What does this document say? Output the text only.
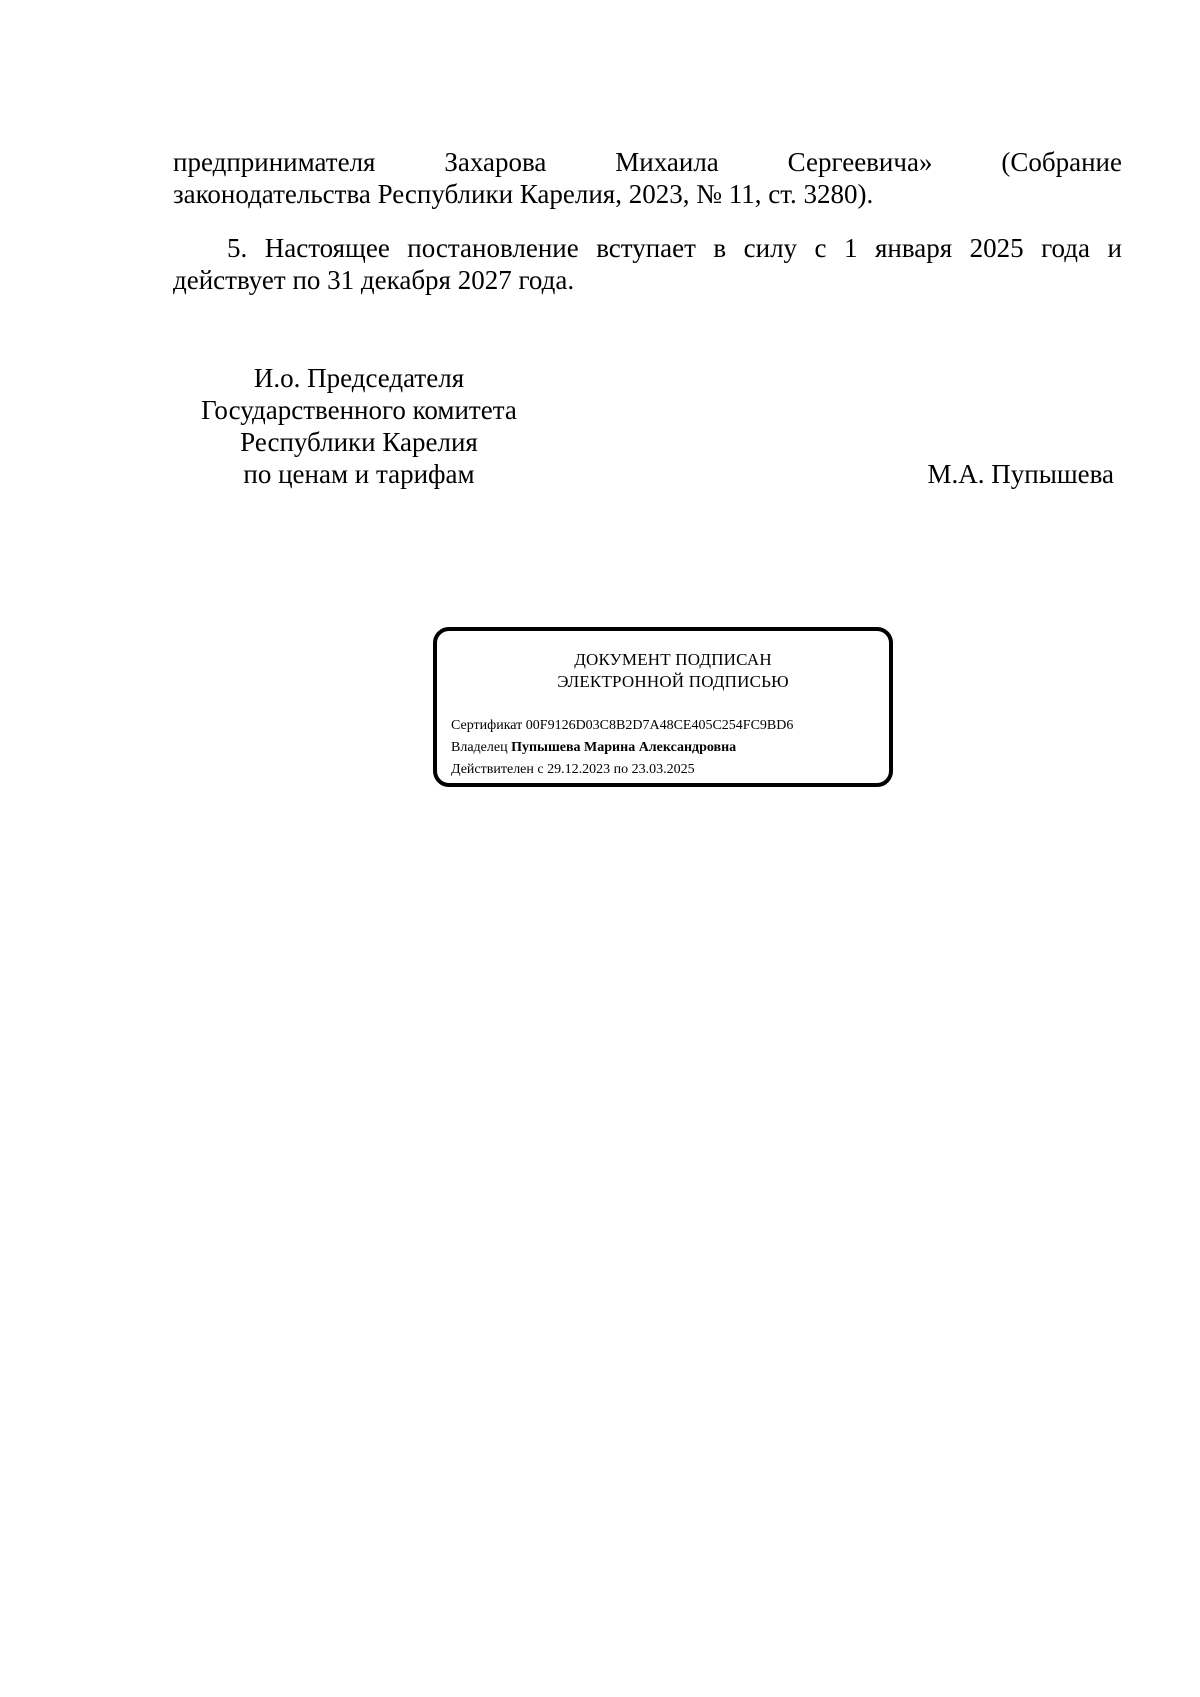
предпринимателя	Захарова	Михаила	Сергеевича»	(Собрание
законодательства Республики Карелия, 2023, № 11, ст. 3280).
5. Настоящее постановление вступает в силу с 1 января 2025 года и
действует по 31 декабря 2027 года.
И.о. Председателя
Государственного комитета
Республики Карелия
по ценам и тарифам	М.А. Пупышева
ДОКУМЕНТ ПОДПИСАН
ЭЛЕКТРОННОЙ ПОДПИСЬЮ
Сертификат 00F9126D03C8B2D7A48CE405C254FC9BD6
Владелец Пупышева Марина Александровна
Действителен с 29.12.2023 по 23.03.2025
